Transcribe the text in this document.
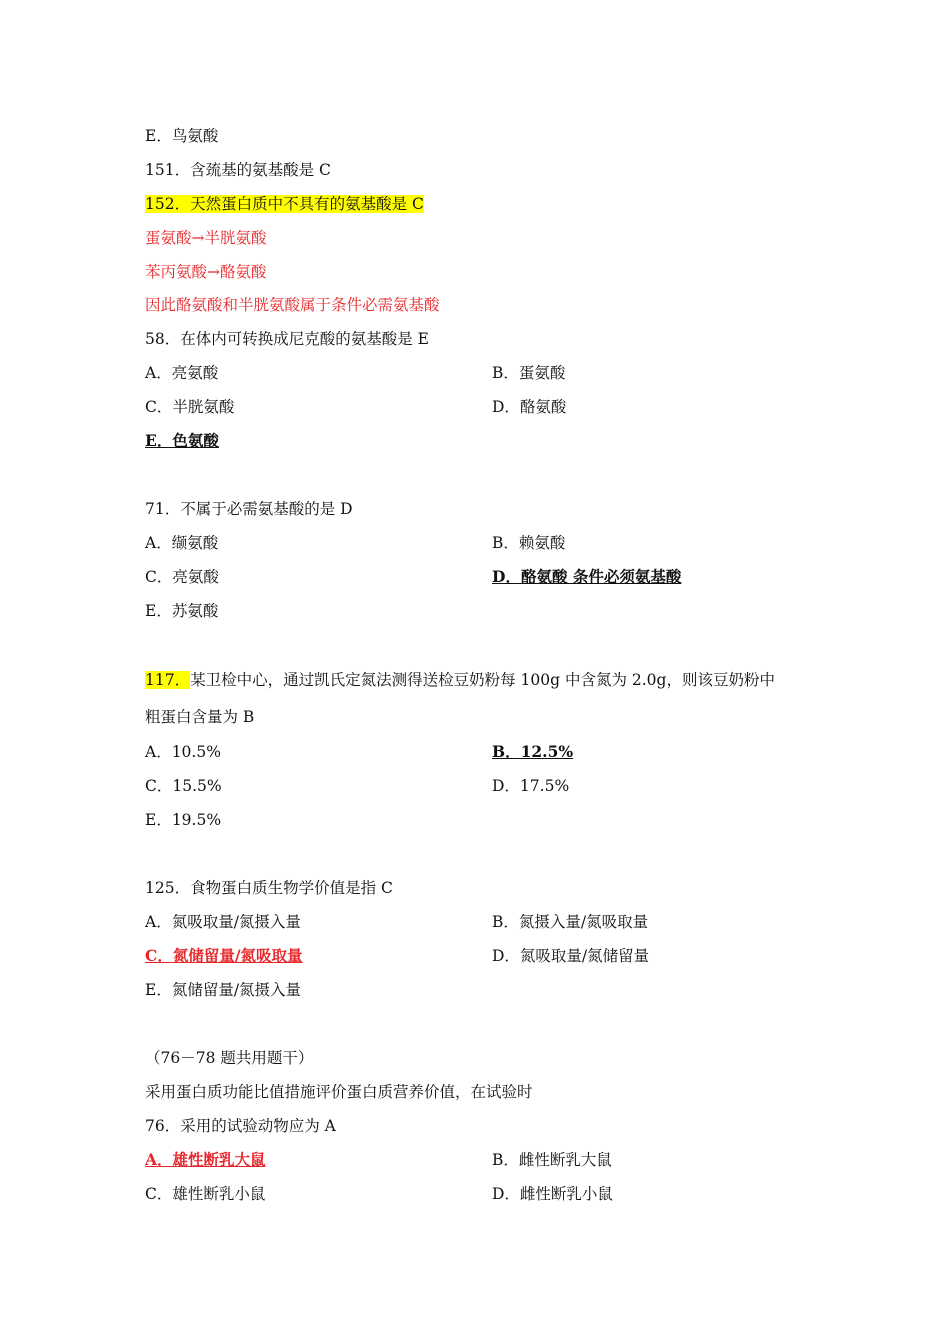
E．鸟氨酸
151．含巯基的氨基酸是 C
152．天然蛋白质中不具有的氨基酸是 C
蛋氨酸→半胱氨酸
苯丙氨酸→酪氨酸
因此酪氨酸和半胱氨酸属于条件必需氨基酸
58．在体内可转换成尼克酸的氨基酸是 E
A．亮氨酸	B．蛋氨酸
C．半胱氨酸	D．酪氨酸
E．色氨酸
71．不属于必需氨基酸的是 D
A．缬氨酸	B．赖氨酸
C．亮氨酸	D．酪氨酸 条件必须氨基酸
E．苏氨酸
117．某卫检中心，通过凯氏定氮法测得送检豆奶粉每 100g 中含氮为 2.0g，则该豆奶粉中
粗蛋白含量为 B
A．10.5%	B．12.5%
C．15.5%	D．17.5%
E．19.5%
125．食物蛋白质生物学价值是指 C
A．氮吸取量/氮摄入量	B．氮摄入量/氮吸取量
C．氮储留量/氮吸取量	D．氮吸取量/氮储留量
E．氮储留量/氮摄入量
（76－78 题共用题干）
采用蛋白质功能比值措施评价蛋白质营养价值，在试验时
76．采用的试验动物应为 A
A．雄性断乳大鼠	B．雌性断乳大鼠
C．雄性断乳小鼠	D．雌性断乳小鼠
